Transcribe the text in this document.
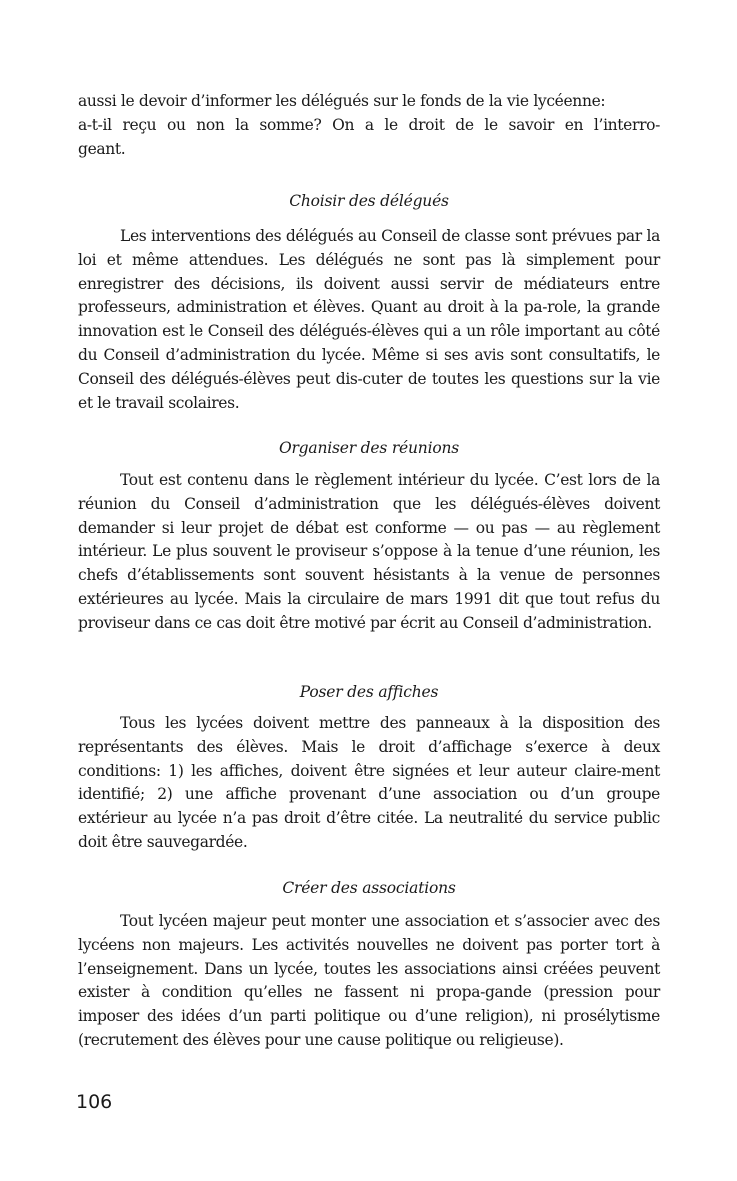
aussi le devoir d’informer les délégués sur le fonds de la vie lycéenne:

a-t-il reçu ou non la somme? On a le droit de le savoir en l’interro-

geant.

Choisir des délégués

Les interventions des délégués au Conseil de classe sont prévues par la loi et même attendues. Les délégués ne sont pas là simplement pour enregistrer des décisions, ils doivent aussi servir de médiateurs entre professeurs, administration et élèves. Quant au droit à la pa-role, la grande innovation est le Conseil des délégués-élèves qui a un rôle important au côté du Conseil d’administration du lycée. Même si ses avis sont consultatifs, le Conseil des délégués-élèves peut dis-cuter de toutes les questions sur la vie et le travail scolaires.

Organiser des réunions

Tout est contenu dans le règlement intérieur du lycée. C’est lors de la réunion du Conseil d’administration que les délégués-élèves doivent demander si leur projet de débat est conforme — ou pas — au règlement intérieur. Le plus souvent le proviseur s’oppose à la tenue d’une réunion, les chefs d’établissements sont souvent hésistants à la venue de personnes extérieures au lycée. Mais la circulaire de mars 1991 dit que tout refus du proviseur dans ce cas doit être motivé par écrit au Conseil d’administration.

Poser des affiches

Tous les lycées doivent mettre des panneaux à la disposition des représentants des élèves. Mais le droit d’affichage s’exerce à deux conditions: 1) les affiches, doivent être signées et leur auteur claire-ment identifié; 2) une affiche provenant d’une association ou d’un groupe extérieur au lycée n’a pas droit d’être citée. La neutralité du service public doit être sauvegardée.

Créer des associations

Tout lycéen majeur peut monter une association et s’associer avec des lycéens non majeurs. Les activités nouvelles ne doivent pas porter tort à l’enseignement. Dans un lycée, toutes les associations ainsi créées peuvent exister à condition qu’elles ne fassent ni propa-gande (pression pour imposer des idées d’un parti politique ou d’une religion), ni prosélytisme (recrutement des élèves pour une cause politique ou religieuse).

106
